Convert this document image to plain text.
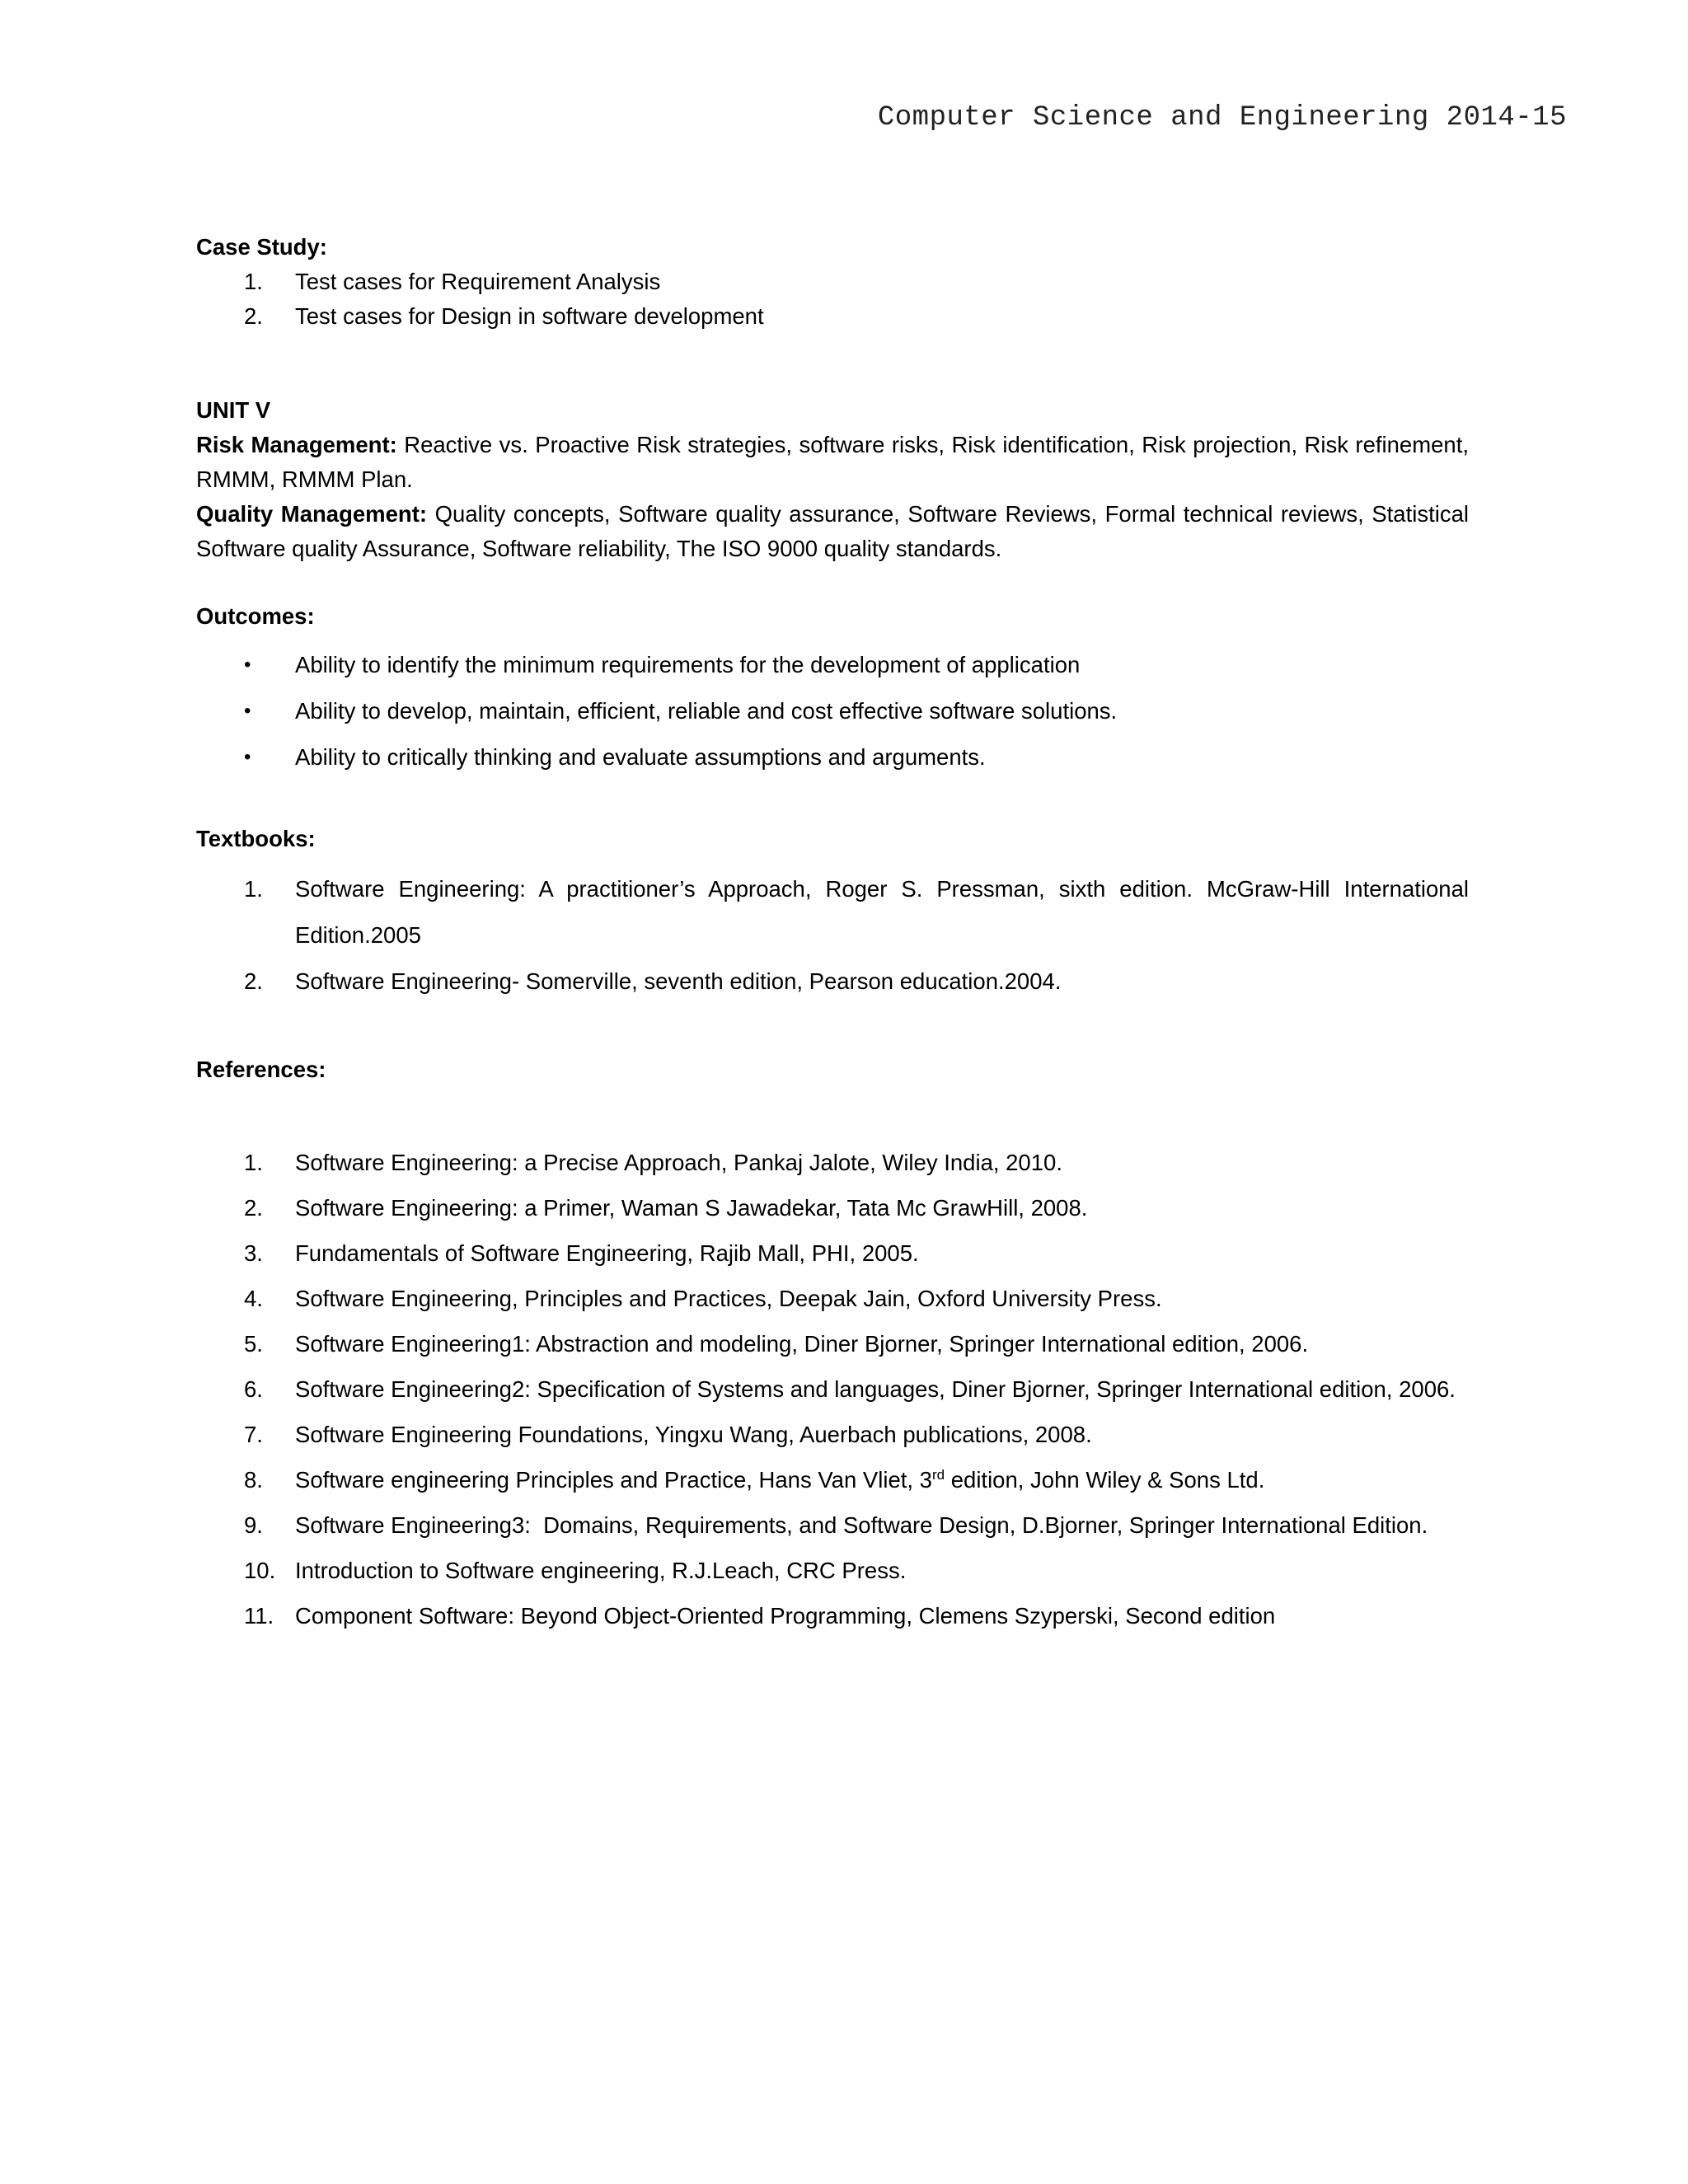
Computer Science and Engineering 2014-15

Case Study:

1.	Test cases for Requirement Analysis
2.	Test cases for Design in software development

UNIT V

Risk Management: Reactive vs. Proactive Risk strategies, software risks, Risk identification, Risk projection, Risk refinement, RMMM, RMMM Plan.

Quality Management: Quality concepts, Software quality assurance, Software Reviews, Formal technical reviews, Statistical Software quality Assurance, Software reliability, The ISO 9000 quality standards.

Outcomes:

•	Ability to identify the minimum requirements for the development of application
•	Ability to develop, maintain, efficient, reliable and cost effective software solutions.
•	Ability to critically thinking and evaluate assumptions and arguments.

Textbooks:

1.	Software Engineering: A practitioner’s Approach, Roger S. Pressman, sixth edition. McGraw-Hill International Edition.2005
2.	Software Engineering- Somerville, seventh edition, Pearson education.2004.

References:

1.	Software Engineering: a Precise Approach, Pankaj Jalote, Wiley India, 2010.
2.	Software Engineering: a Primer, Waman S Jawadekar, Tata Mc GrawHill, 2008.
3.	Fundamentals of Software Engineering, Rajib Mall, PHI, 2005.
4.	Software Engineering, Principles and Practices, Deepak Jain, Oxford University Press.
5.	Software Engineering1: Abstraction and modeling, Diner Bjorner, Springer International edition, 2006.
6.	Software Engineering2: Specification of Systems and languages, Diner Bjorner, Springer International edition, 2006.
7.	Software Engineering Foundations, Yingxu Wang, Auerbach publications, 2008.
8.	Software engineering Principles and Practice, Hans Van Vliet, 3rd edition, John Wiley & Sons Ltd.
9.	Software Engineering3:  Domains, Requirements, and Software Design, D.Bjorner, Springer International Edition.
10. Introduction to Software engineering, R.J.Leach, CRC Press.
11. Component Software: Beyond Object-Oriented Programming, Clemens Szyperski, Second edition
